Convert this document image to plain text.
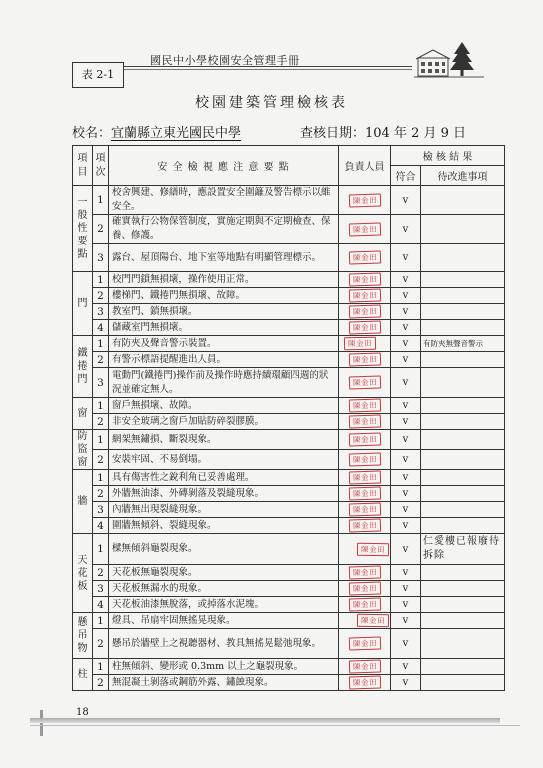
國民中小學校園安全管理手冊
表 2-1
校園建築管理檢核表
校名：宜蘭縣立東光國民中學	查核日期：104 年 2 月 9 日
項目	項次	安 全 檢 視 應 注 意 要 點	負責人員	檢 核 結 果	
				符合	待改進事項
一般性要點	1	校舍興建、修繕時，應設置安全圍籬及警告標示以維安全。	陳金田	v	
	2	確實執行公物保管制度，實施定期與不定期檢查、保養、修護。	陳金田	v	
	3	露台、屋頂陽台、地下室等地點有明顯管理標示。	陳金田	v	
門	1	校門門鎖無損壞，操作使用正常。	陳金田	v	
	2	樓梯門、鐵捲門無損壞、故障。	陳金田	v	
	3	教室門、鎖無損壞。	陳金田	v	
	4	儲藏室門無損壞。	陳金田	v	
鐵捲門	1	有防夾及聲音警示裝置。	陳金田	v	有防夾無聲音警示
	2	有警示標語提醒進出人員。	陳金田	v	
	3	電動門(鐵捲門)操作前及操作時應持續環顧四週的狀況並確定無人。	陳金田	v	
窗	1	窗戶無損壞、故障。	陳金田	v	
	2	非安全玻璃之窗戶加貼防碎裂膠膜。	陳金田	v	
防盜窗	1	網架無鏽損、斷裂現象。	陳金田	v	
	2	安裝牢固、不易倒塌。	陳金田	v	
牆	1	具有傷害性之銳利角已妥善處理。	陳金田	v	
	2	外牆無油漆、外磚剝落及裂縫現象。	陳金田	v	
	3	內牆無出現裂縫現象。	陳金田	v	
	4	圍牆無傾斜、裂縫現象。	陳金田	v	
天花板	1	樑無傾斜龜裂現象。	陳金田	v	仁愛樓已報廢待拆除
	2	天花板無龜裂現象。	陳金田	v	
	3	天花板無漏水的現象。	陳金田	v	
	4	天花板油漆無脫落，或掉落水泥塊。	陳金田	v	
懸吊物	1	燈具、吊扇牢固無搖晃現象。	陳金田	v	
	2	懸吊於牆壁上之視聽器材、教具無搖晃鬆弛現象。	陳金田	v	
柱	1	柱無傾斜、變形或 0.3mm 以上之龜裂現象。	陳金田	v	
	2	無混凝土剝落或鋼筋外露、鏽蝕現象。	陳金田	v	
18
